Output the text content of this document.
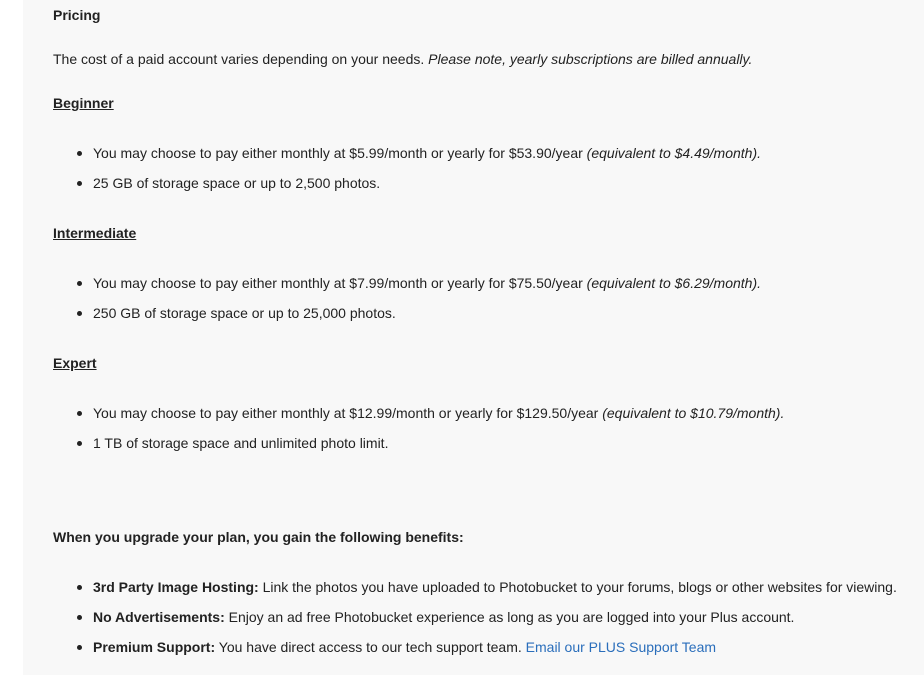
Pricing
The cost of a paid account varies depending on your needs. Please note, yearly subscriptions are billed annually.
Beginner
You may choose to pay either monthly at $5.99/month or yearly for $53.90/year (equivalent to $4.49/month).
25 GB of storage space or up to 2,500 photos.
Intermediate
You may choose to pay either monthly at $7.99/month or yearly for $75.50/year (equivalent to $6.29/month).
250 GB of storage space or up to 25,000 photos.
Expert
You may choose to pay either monthly at $12.99/month or yearly for $129.50/year (equivalent to $10.79/month).
1 TB of storage space and unlimited photo limit.
When you upgrade your plan, you gain the following benefits:
3rd Party Image Hosting: Link the photos you have uploaded to Photobucket to your forums, blogs or other websites for viewing.
No Advertisements: Enjoy an ad free Photobucket experience as long as you are logged into your Plus account.
Premium Support: You have direct access to our tech support team. Email our PLUS Support Team
